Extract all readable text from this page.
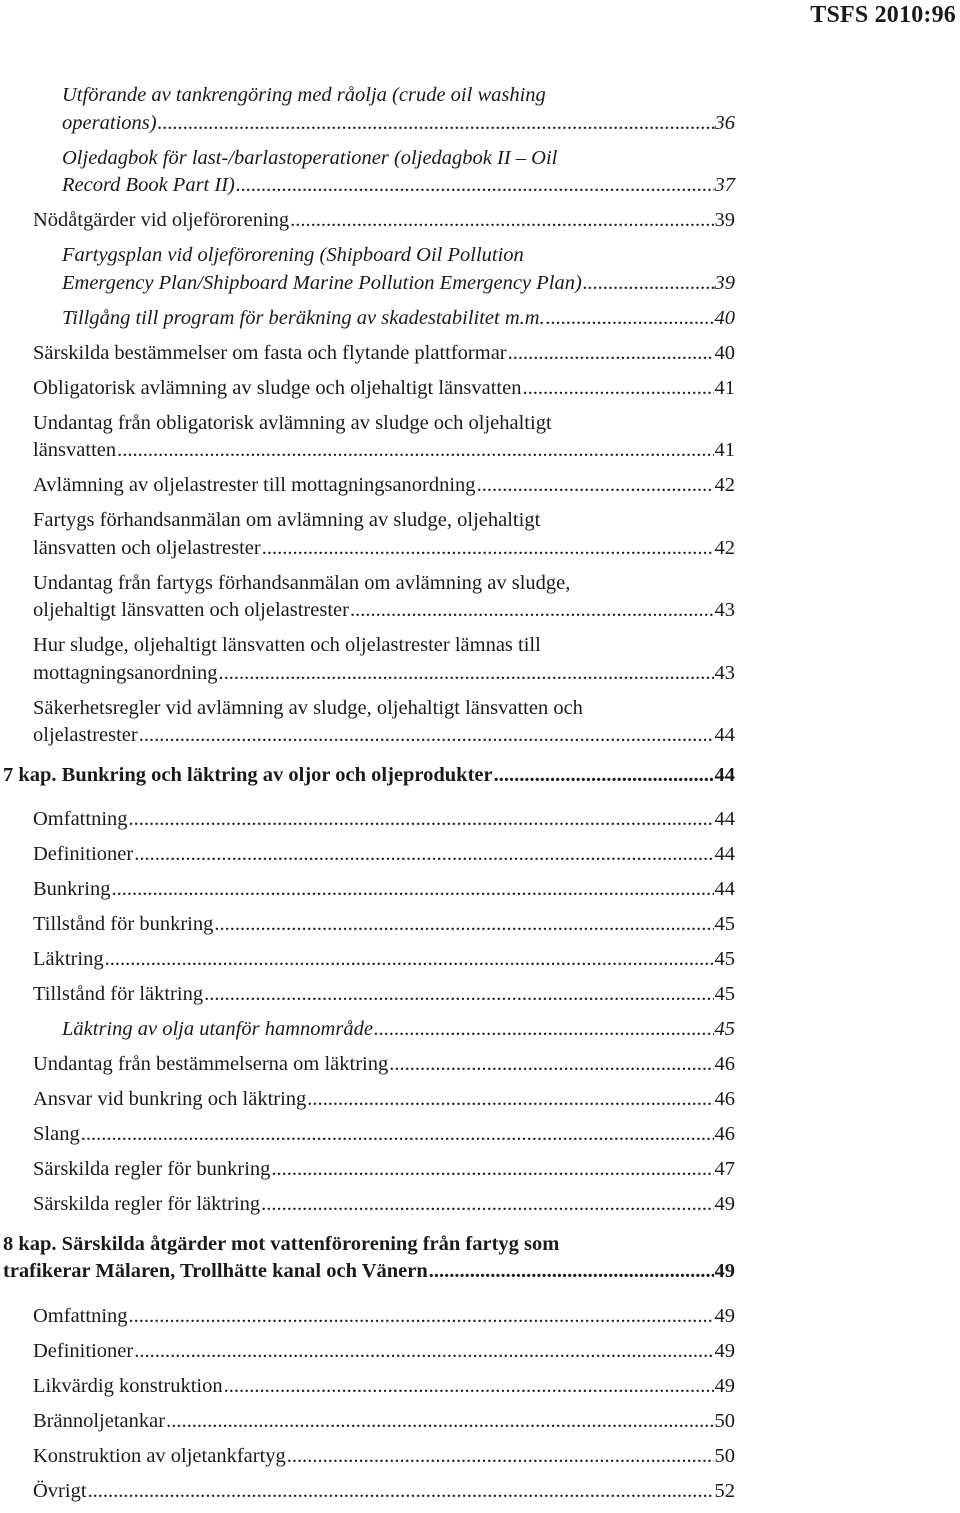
TSFS 2010:96
Utförande av tankrengöring med råolja (crude oil washing
operations) .....	36
Oljedagbok för last-/barlastoperationer (oljedagbok II – Oil
Record Book Part II) .....	37
Nödåtgärder vid oljeförorening .....	39
Fartygsplan vid oljeförorening (Shipboard Oil Pollution
Emergency Plan/Shipboard Marine Pollution Emergency Plan) .....	39
Tillgång till program för beräkning av skadestabilitet m.m. .....	40
Särskilda bestämmelser om fasta och flytande plattformar .....	40
Obligatorisk avlämning av sludge och oljehaltigt länsvatten .....	41
Undantag från obligatorisk avlämning av sludge och oljehaltigt
länsvatten .....	41
Avlämning av oljelastrester till mottagningsanordning .....	42
Fartygs förhandsanmälan om avlämning av sludge, oljehaltigt
länsvatten och oljelastrester .....	42
Undantag från fartygs förhandsanmälan om avlämning av sludge,
oljehaltigt länsvatten och oljelastrester .....	43
Hur sludge, oljehaltigt länsvatten och oljelastrester lämnas till
mottagningsanordning .....	43
Säkerhetsregler vid avlämning av sludge, oljehaltigt länsvatten och
oljelastrester .....	44
7 kap. Bunkring och läktring av oljor och oljeprodukter .....	44
Omfattning .....	44
Definitioner .....	44
Bunkring .....	44
Tillstånd för bunkring .....	45
Läktring .....	45
Tillstånd för läktring .....	45
Läktring av olja utanför hamnområde .....	45
Undantag från bestämmelserna om läktring .....	46
Ansvar vid bunkring och läktring .....	46
Slang .....	46
Särskilda regler för bunkring .....	47
Särskilda regler för läktring .....	49
8 kap. Särskilda åtgärder mot vattenförorening från fartyg som
trafikerar Mälaren, Trollhätte kanal och Vänern .....	49
Omfattning .....	49
Definitioner .....	49
Likvärdig konstruktion .....	49
Brännoljetankar .....	50
Konstruktion av oljetankfartyg .....	50
Övrigt .....	52
